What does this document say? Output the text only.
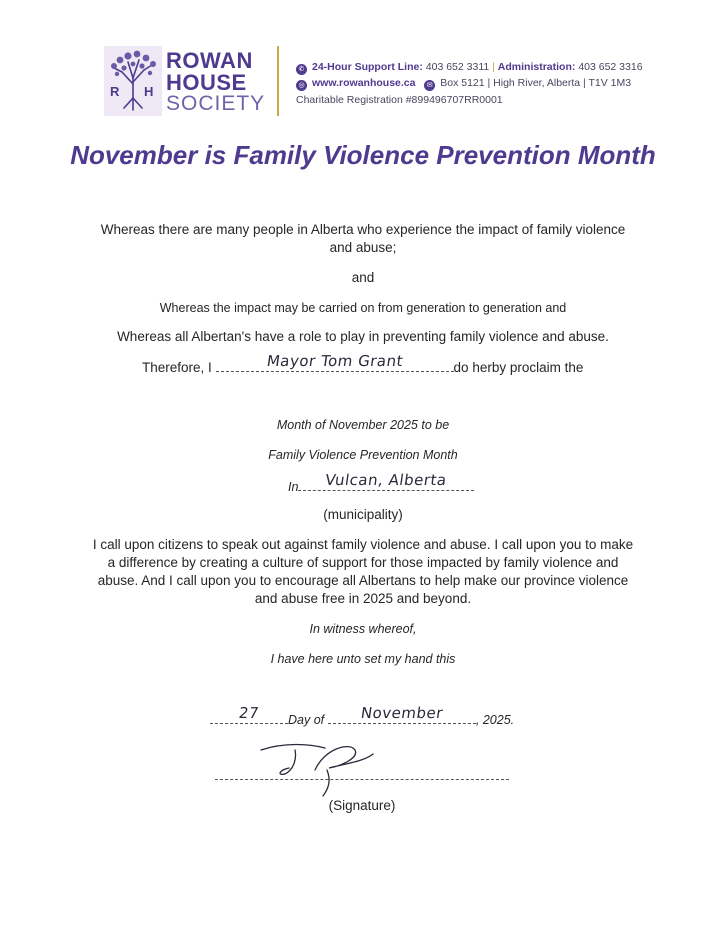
R H
ROWAN
HOUSE
SOCIETY
✆ 24-Hour Support Line: 403 652 3311 | Administration: 403 652 3316
◎ www.rowanhouse.ca ✉ Box 5121 | High River, Alberta | T1V 1M3
Charitable Registration #899496707RR0001
November is Family Violence Prevention Month
Whereas there are many people in Alberta who experience the impact of family violence and abuse;
and
Whereas the impact may be carried on from generation to generation and
Whereas all Albertan's have a role to play in preventing family violence and abuse.
Therefore, I	Mayor Tom Grant	do herby proclaim the
Month of November 2025 to be
Family Violence Prevention Month
In	Vulcan, Alberta
(municipality)
I call upon citizens to speak out against family violence and abuse. I call upon you to make a difference by creating a culture of support for those impacted by family violence and abuse. And I call upon you to encourage all Albertans to help make our province violence and abuse free in 2025 and beyond.
In witness whereof,
I have here unto set my hand this
27	Day of	November	, 2025.
(Signature)
